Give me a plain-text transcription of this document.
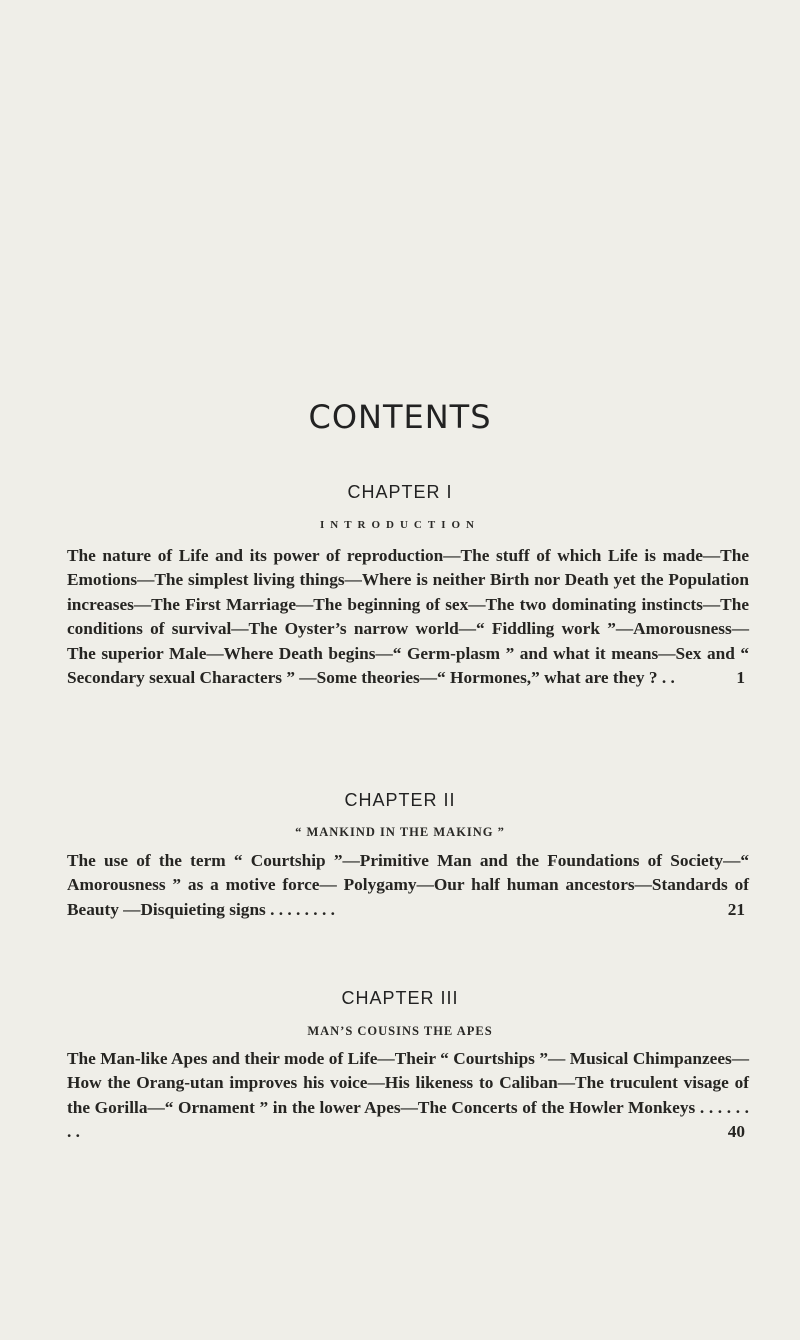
CONTENTS

CHAPTER I

INTRODUCTION

The nature of Life and its power of reproduction—The stuff of which Life is made—The Emotions—The simplest living things—Where is neither Birth nor Death yet the Population increases—The First Marriage—The beginning of sex—The two dominating instincts—The conditions of survival—The Oyster’s narrow world—“ Fiddling work ”—Amorousness— The superior Male—Where Death begins—“ Germ-plasm ” and what it means—Sex and “ Secondary sexual Characters ” —Some theories—“ Hormones,” what are they ? . .	1

CHAPTER II

“ MANKIND IN THE MAKING ”

The use of the term “ Courtship ”—Primitive Man and the Foundations of Society—“ Amorousness ” as a motive force— Polygamy—Our half human ancestors—Standards of Beauty —Disquieting signs . . . . . . . .	21

CHAPTER III

MAN’S COUSINS THE APES

The Man-like Apes and their mode of Life—Their “ Courtships ”— Musical Chimpanzees—How the Orang-utan improves his voice—His likeness to Caliban—The truculent visage of the Gorilla—“ Ornament ” in the lower Apes—The Concerts of the Howler Monkeys . . . . . . . .	40
